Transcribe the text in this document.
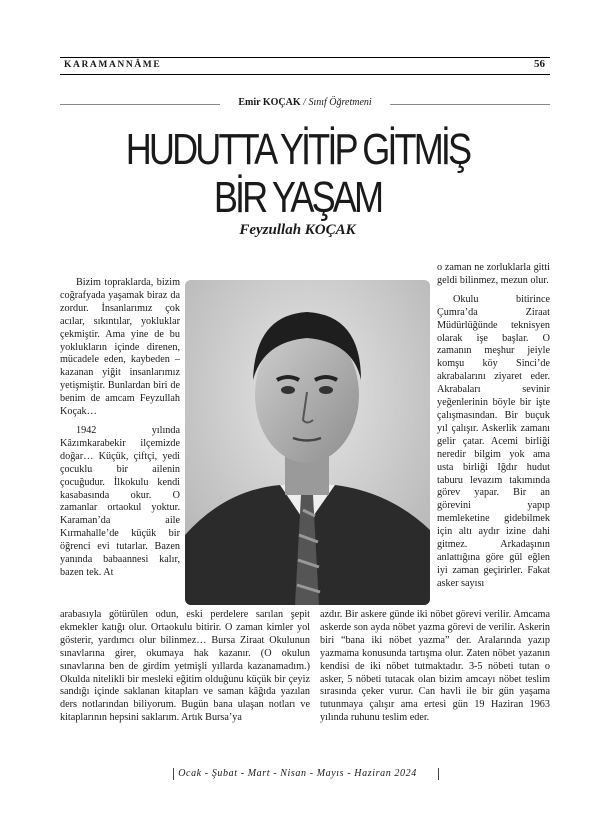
KARAMANNÂME	56
Emir KOÇAK / Sınıf Öğretmeni
HUDUTTA YİTİP GİTMİŞ
BİR YAŞAM
Feyzullah KOÇAK

Bizim topraklarda, bizim coğrafyada yaşamak biraz da zordur. İnsanlarımız çok acılar, sıkıntılar, yokluklar çekmiştir. Ama yine de bu yoklukların içinde direnen, mücadele eden, kaybeden – kazanan yiğit insanlarımız yetişmiştir. Bunlardan biri de benim de amcam Feyzullah Koçak…

1942 yılında Kâzımkarabekir ilçemizde doğar… Küçük, çiftçi, yedi çocuklu bir ailenin çocuğudur. İlkokulu kendi kasabasında okur. O zamanlar ortaokul yoktur. Karaman’da aile Kırmahalle’de küçük bir öğrenci evi tutarlar. Bazen yanında babaannesi kalır, bazen tek. At

o zaman ne zorluklarla gitti geldi bilinmez, mezun olur.

Okulu bitirince Çumra’da Ziraat Müdürlüğünde teknisyen olarak işe başlar. O zamanın meşhur jeiyle komşu köy Sinci’de akrabalarını ziyaret eder. Akrabaları sevinir yeğenlerinin böyle bir işte çalışmasından. Bir buçuk yıl çalışır. Askerlik zamanı gelir çatar. Acemi birliği neredir bilgim yok ama usta birliği Iğdır hudut taburu levazım takımında görev yapar. Bir an görevini yapıp memleketine gidebilmek için altı aydır izine dahi gitmez. Arkadaşının anlattığına göre gül eğlen iyi zaman geçirirler. Fakat asker sayısı

arabasıyla götürülen odun, eski perdelere sarılan şepit ekmekler katığı olur. Ortaokulu bitirir. O zaman kimler yol gösterir, yardımcı olur bilinmez… Bursa Ziraat Okulunun sınavlarına girer, okumaya hak kazanır. (O okulun sınavlarına ben de girdim yetmişli yıllarda kazanamadım.) Okulda nitelikli bir mesleki eğitim olduğunu küçük bir çeyiz sandığı içinde saklanan kitapları ve saman kâğıda yazılan ders notlarından biliyorum. Bugün bana ulaşan notları ve kitaplarının hepsini saklarım. Artık Bursa’ya

azdır. Bir askere günde iki nöbet görevi verilir. Amcama askerde son ayda nöbet yazma görevi de verilir. Askerin biri “bana iki nöbet yazma” der. Aralarında yazıp yazmama konusunda tartışma olur. Zaten nöbet yazanın kendisi de iki nöbet tutmaktadır. 3-5 nöbeti tutan o asker, 5 nöbeti tutacak olan bizim amcayı nöbet teslim sırasında çeker vurur. Can havli ile bir gün yaşama tutunmaya çalışır ama ertesi gün 19 Haziran 1963 yılında ruhunu teslim eder.

Ocak - Şubat - Mart - Nisan - Mayıs - Haziran 2024
